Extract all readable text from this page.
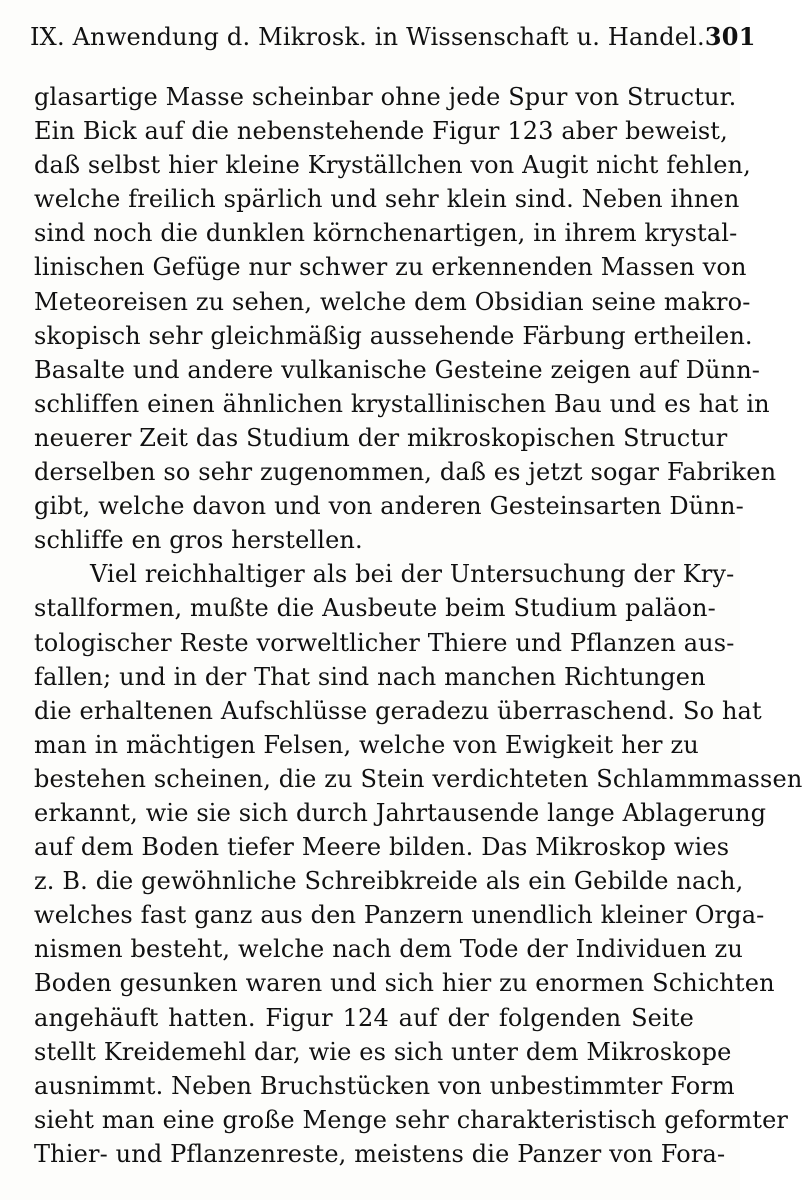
IX. Anwendung d. Mikrosk. in Wissenschaft u. Handel. 301
glasartige Masse scheinbar ohne jede Spur von Structur.
Ein Bick auf die nebenstehende Figur 123 aber beweist,
daß selbst hier kleine Kryställchen von Augit nicht fehlen,
welche freilich spärlich und sehr klein sind. Neben ihnen
sind noch die dunklen körnchenartigen, in ihrem krystal-
linischen Gefüge nur schwer zu erkennenden Massen von
Meteoreisen zu sehen, welche dem Obsidian seine makro-
skopisch sehr gleichmäßig aussehende Färbung ertheilen.
Basalte und andere vulkanische Gesteine zeigen auf Dünn-
schliffen einen ähnlichen krystallinischen Bau und es hat in
neuerer Zeit das Studium der mikroskopischen Structur
derselben so sehr zugenommen, daß es jetzt sogar Fabriken
gibt, welche davon und von anderen Gesteinsarten Dünn-
schliffe en gros herstellen.
Viel reichhaltiger als bei der Untersuchung der Kry-
stallformen, mußte die Ausbeute beim Studium paläon-
tologischer Reste vorweltlicher Thiere und Pflanzen aus-
fallen; und in der That sind nach manchen Richtungen
die erhaltenen Aufschlüsse geradezu überraschend. So hat
man in mächtigen Felsen, welche von Ewigkeit her zu
bestehen scheinen, die zu Stein verdichteten Schlammmassen
erkannt, wie sie sich durch Jahrtausende lange Ablagerung
auf dem Boden tiefer Meere bilden. Das Mikroskop wies
z. B. die gewöhnliche Schreibkreide als ein Gebilde nach,
welches fast ganz aus den Panzern unendlich kleiner Orga-
nismen besteht, welche nach dem Tode der Individuen zu
Boden gesunken waren und sich hier zu enormen Schichten
angehäuft hatten. Figur 124 auf der folgenden Seite
stellt Kreidemehl dar, wie es sich unter dem Mikroskope
ausnimmt. Neben Bruchstücken von unbestimmter Form
sieht man eine große Menge sehr charakteristisch geformter
Thier- und Pflanzenreste, meistens die Panzer von Fora-
